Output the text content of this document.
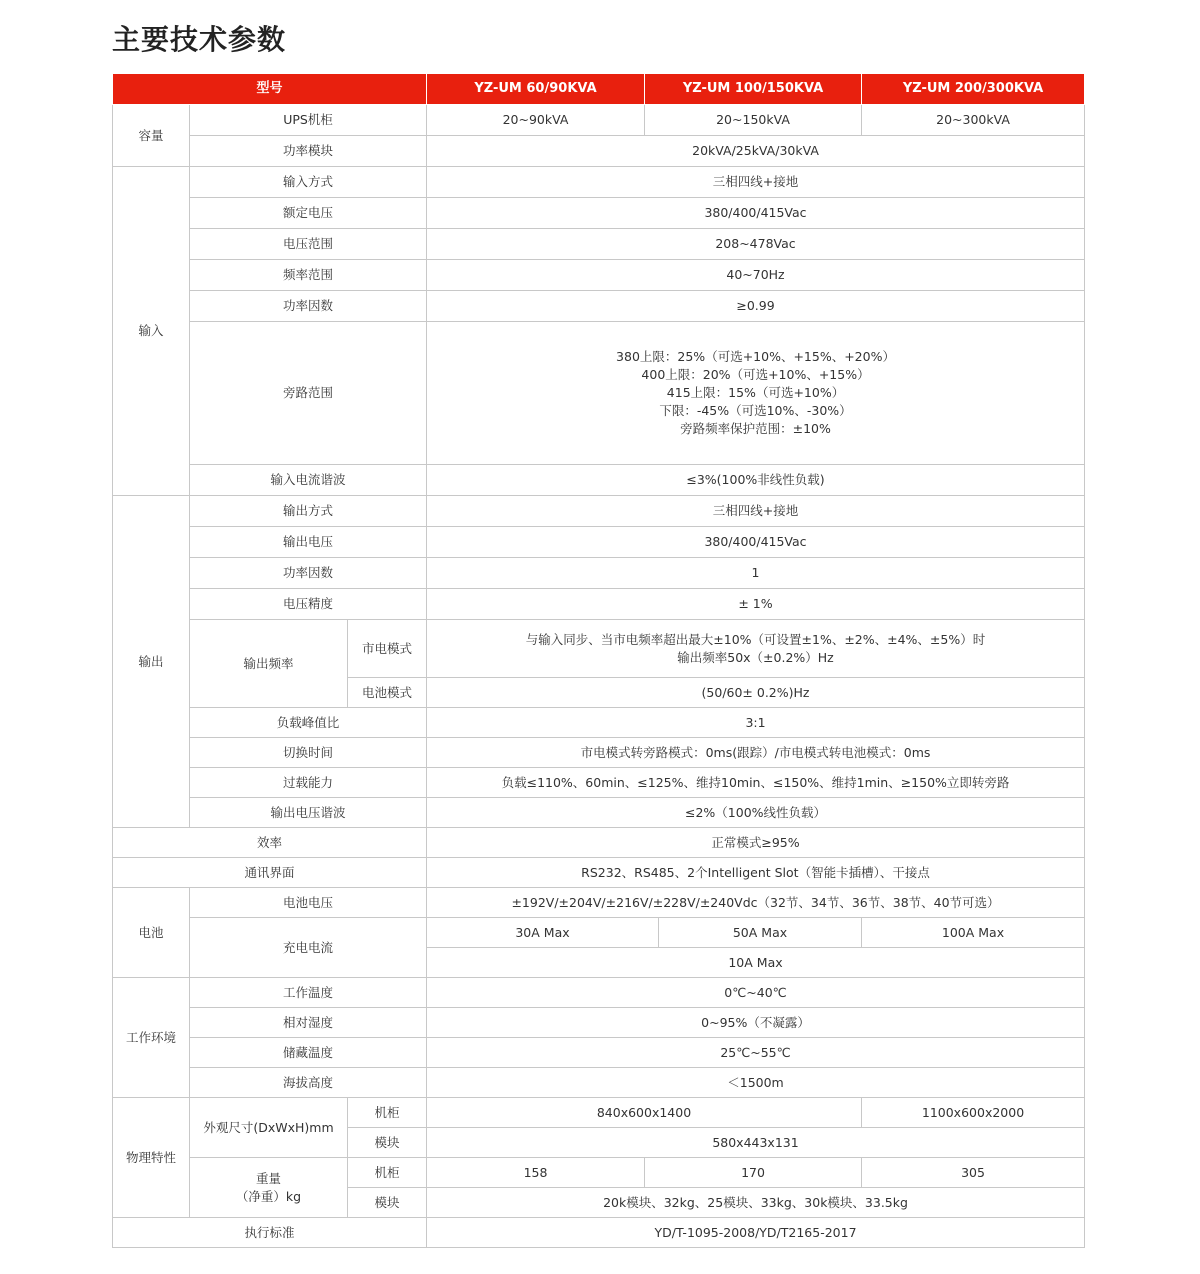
主要技术参数
型号			YZ-UM 60/90KVA	YZ-UM 100/150KVA		YZ-UM 200/300KVA
容量	UPS机柜		20~90kVA	20~150kVA		20~300kVA
	功率模块		20kVA/25kVA/30kVA			
输入	输入方式		三相四线+接地			
	额定电压		380/400/415Vac			
	电压范围		208~478Vac			
	频率范围		40~70Hz			
	功率因数		≥0.99			
	旁路范围		380上限：25%（可选+10%、+15%、+20%）
400上限：20%（可选+10%、+15%）
415上限：15%（可选+10%）
下限：-45%（可选10%、-30%）
旁路频率保护范围：±10%			

	输入电流谐波		≤3%(100%非线性负载)			
输出	输出方式		三相四线+接地			
	输出电压		380/400/415Vac			
	功率因数		1			
	电压精度		± 1%			
	输出频率	市电模式	与输入同步、当市电频率超出最大±10%（可设置±1%、±2%、±4%、±5%）时
输出频率50x（±0.2%）Hz			

		电池模式	(50/60± 0.2%)Hz			
	负载峰值比		3:1			
	切换时间		市电模式转旁路模式：0ms(跟踪）/市电模式转电池模式：0ms			
	过载能力		负载≤110%、60min、≤125%、维持10min、≤150%、维持1min、≥150%立即转旁路			
	输出电压谐波		≤2%（100%线性负载）			
效率			正常模式≥95%			
通讯界面			RS232、RS485、2个Intelligent Slot（智能卡插槽）、干接点			
电池	电池电压		±192V/±204V/±216V/±228V/±240Vdc（32节、34节、36节、38节、40节可选）			
	充电电流		30A Max		50A Max	100A Max
			10A Max			
工作环境	工作温度		0℃~40℃			
	相对湿度		0~95%（不凝露）			
	储藏温度		25℃~55℃			
	海拔高度		＜1500m			
物理特性	外观尺寸(DxWxH)mm	机柜	840x600x1400			1100x600x2000
		模块	580x443x131			

	重量
（净重）kg	机柜	158	170		305
		模块	20k模块、32kg、25模块、33kg、30k模块、33.5kg			
执行标准			YD/T-1095-2008/YD/T2165-2017			
